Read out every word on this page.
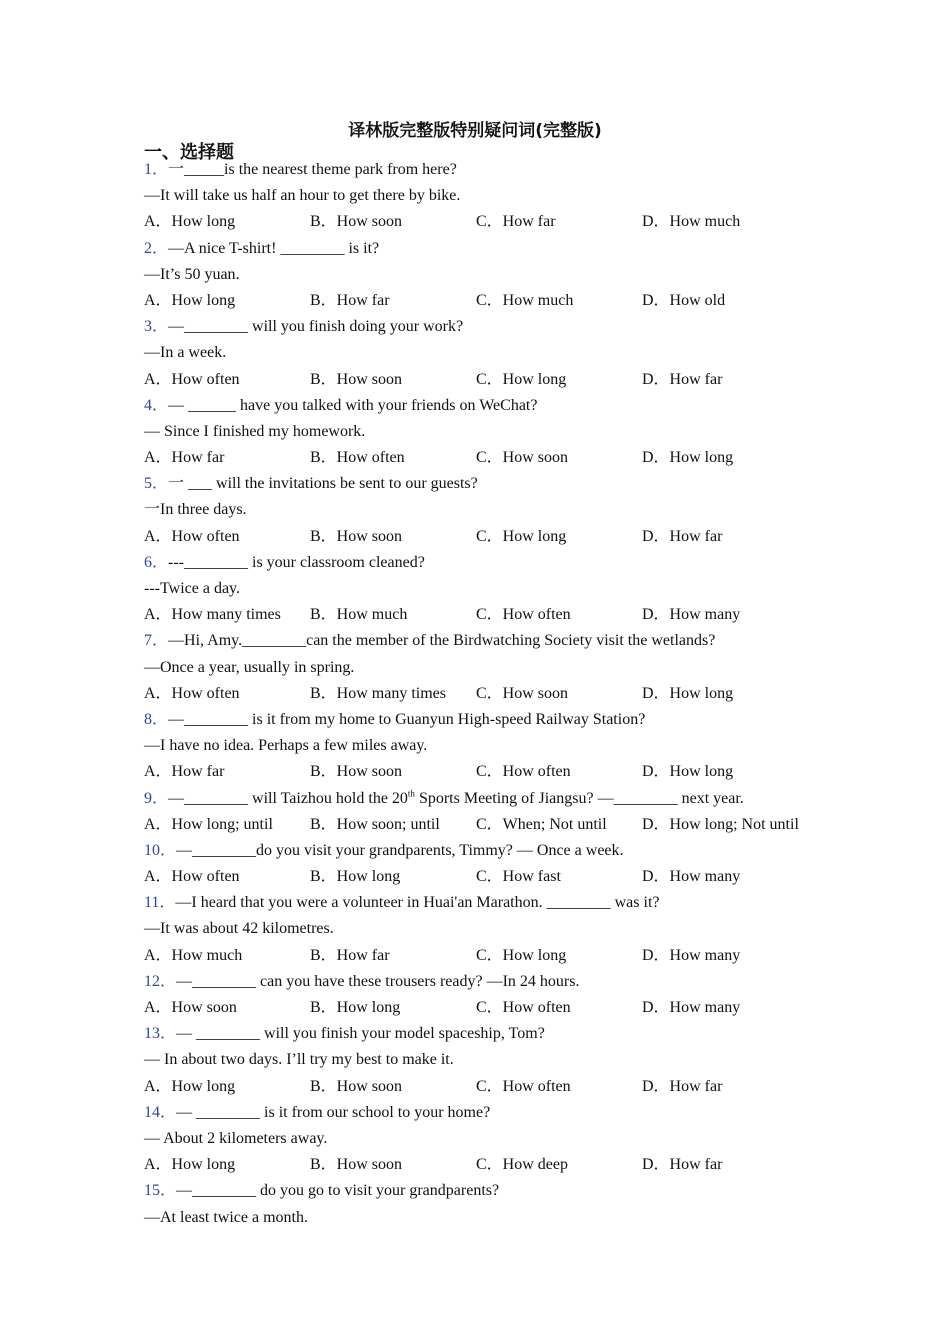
译林版完整版特别疑问词(完整版)
一、选择题
1．一_____is the nearest theme park from here?
—It will take us half an hour to get there by bike.
A．How long	B．How soon	C．How far	D．How much
2．—A nice T-shirt! ________ is it?
—It’s 50 yuan.
A．How long	B．How far	C．How much	D．How old
3．—________ will you finish doing your work?
—In a week.
A．How often	B．How soon	C．How long	D．How far
4．— ______ have you talked with your friends on WeChat?
— Since I finished my homework.
A．How far	B．How often	C．How soon	D．How long
5．一 ___ will the invitations be sent to our guests?
一In three days.
A．How often	B．How soon	C．How long	D．How far
6．---________ is your classroom cleaned?
---Twice a day.
A．How many times	B．How much	C．How often	D．How many
7．—Hi, Amy.________can the member of the Birdwatching Society visit the wetlands?
—Once a year, usually in spring.
A．How often	B．How many times	C．How soon	D．How long
8．—________ is it from my home to Guanyun High-speed Railway Station?
—I have no idea. Perhaps a few miles away.
A．How far	B．How soon	C．How often	D．How long
9．—________ will Taizhou hold the 20th Sports Meeting of Jiangsu? —________ next year.
A．How long; until	B．How soon; until	C．When; Not until	D．How long; Not until
10．—________do you visit your grandparents, Timmy? — Once a week.
A．How often	B．How long	C．How fast	D．How many
11．—I heard that you were a volunteer in Huai'an Marathon. ________ was it?
—It was about 42 kilometres.
A．How much	B．How far	C．How long	D．How many
12．—________ can you have these trousers ready? —In 24 hours.
A．How soon	B．How long	C．How often	D．How many
13．— ________ will you finish your model spaceship, Tom?
— In about two days. I’ll try my best to make it.
A．How long	B．How soon	C．How often	D．How far
14．— ________ is it from our school to your home?
— About 2 kilometers away.
A．How long	B．How soon	C．How deep	D．How far
15．—________ do you go to visit your grandparents?
—At least twice a month.
